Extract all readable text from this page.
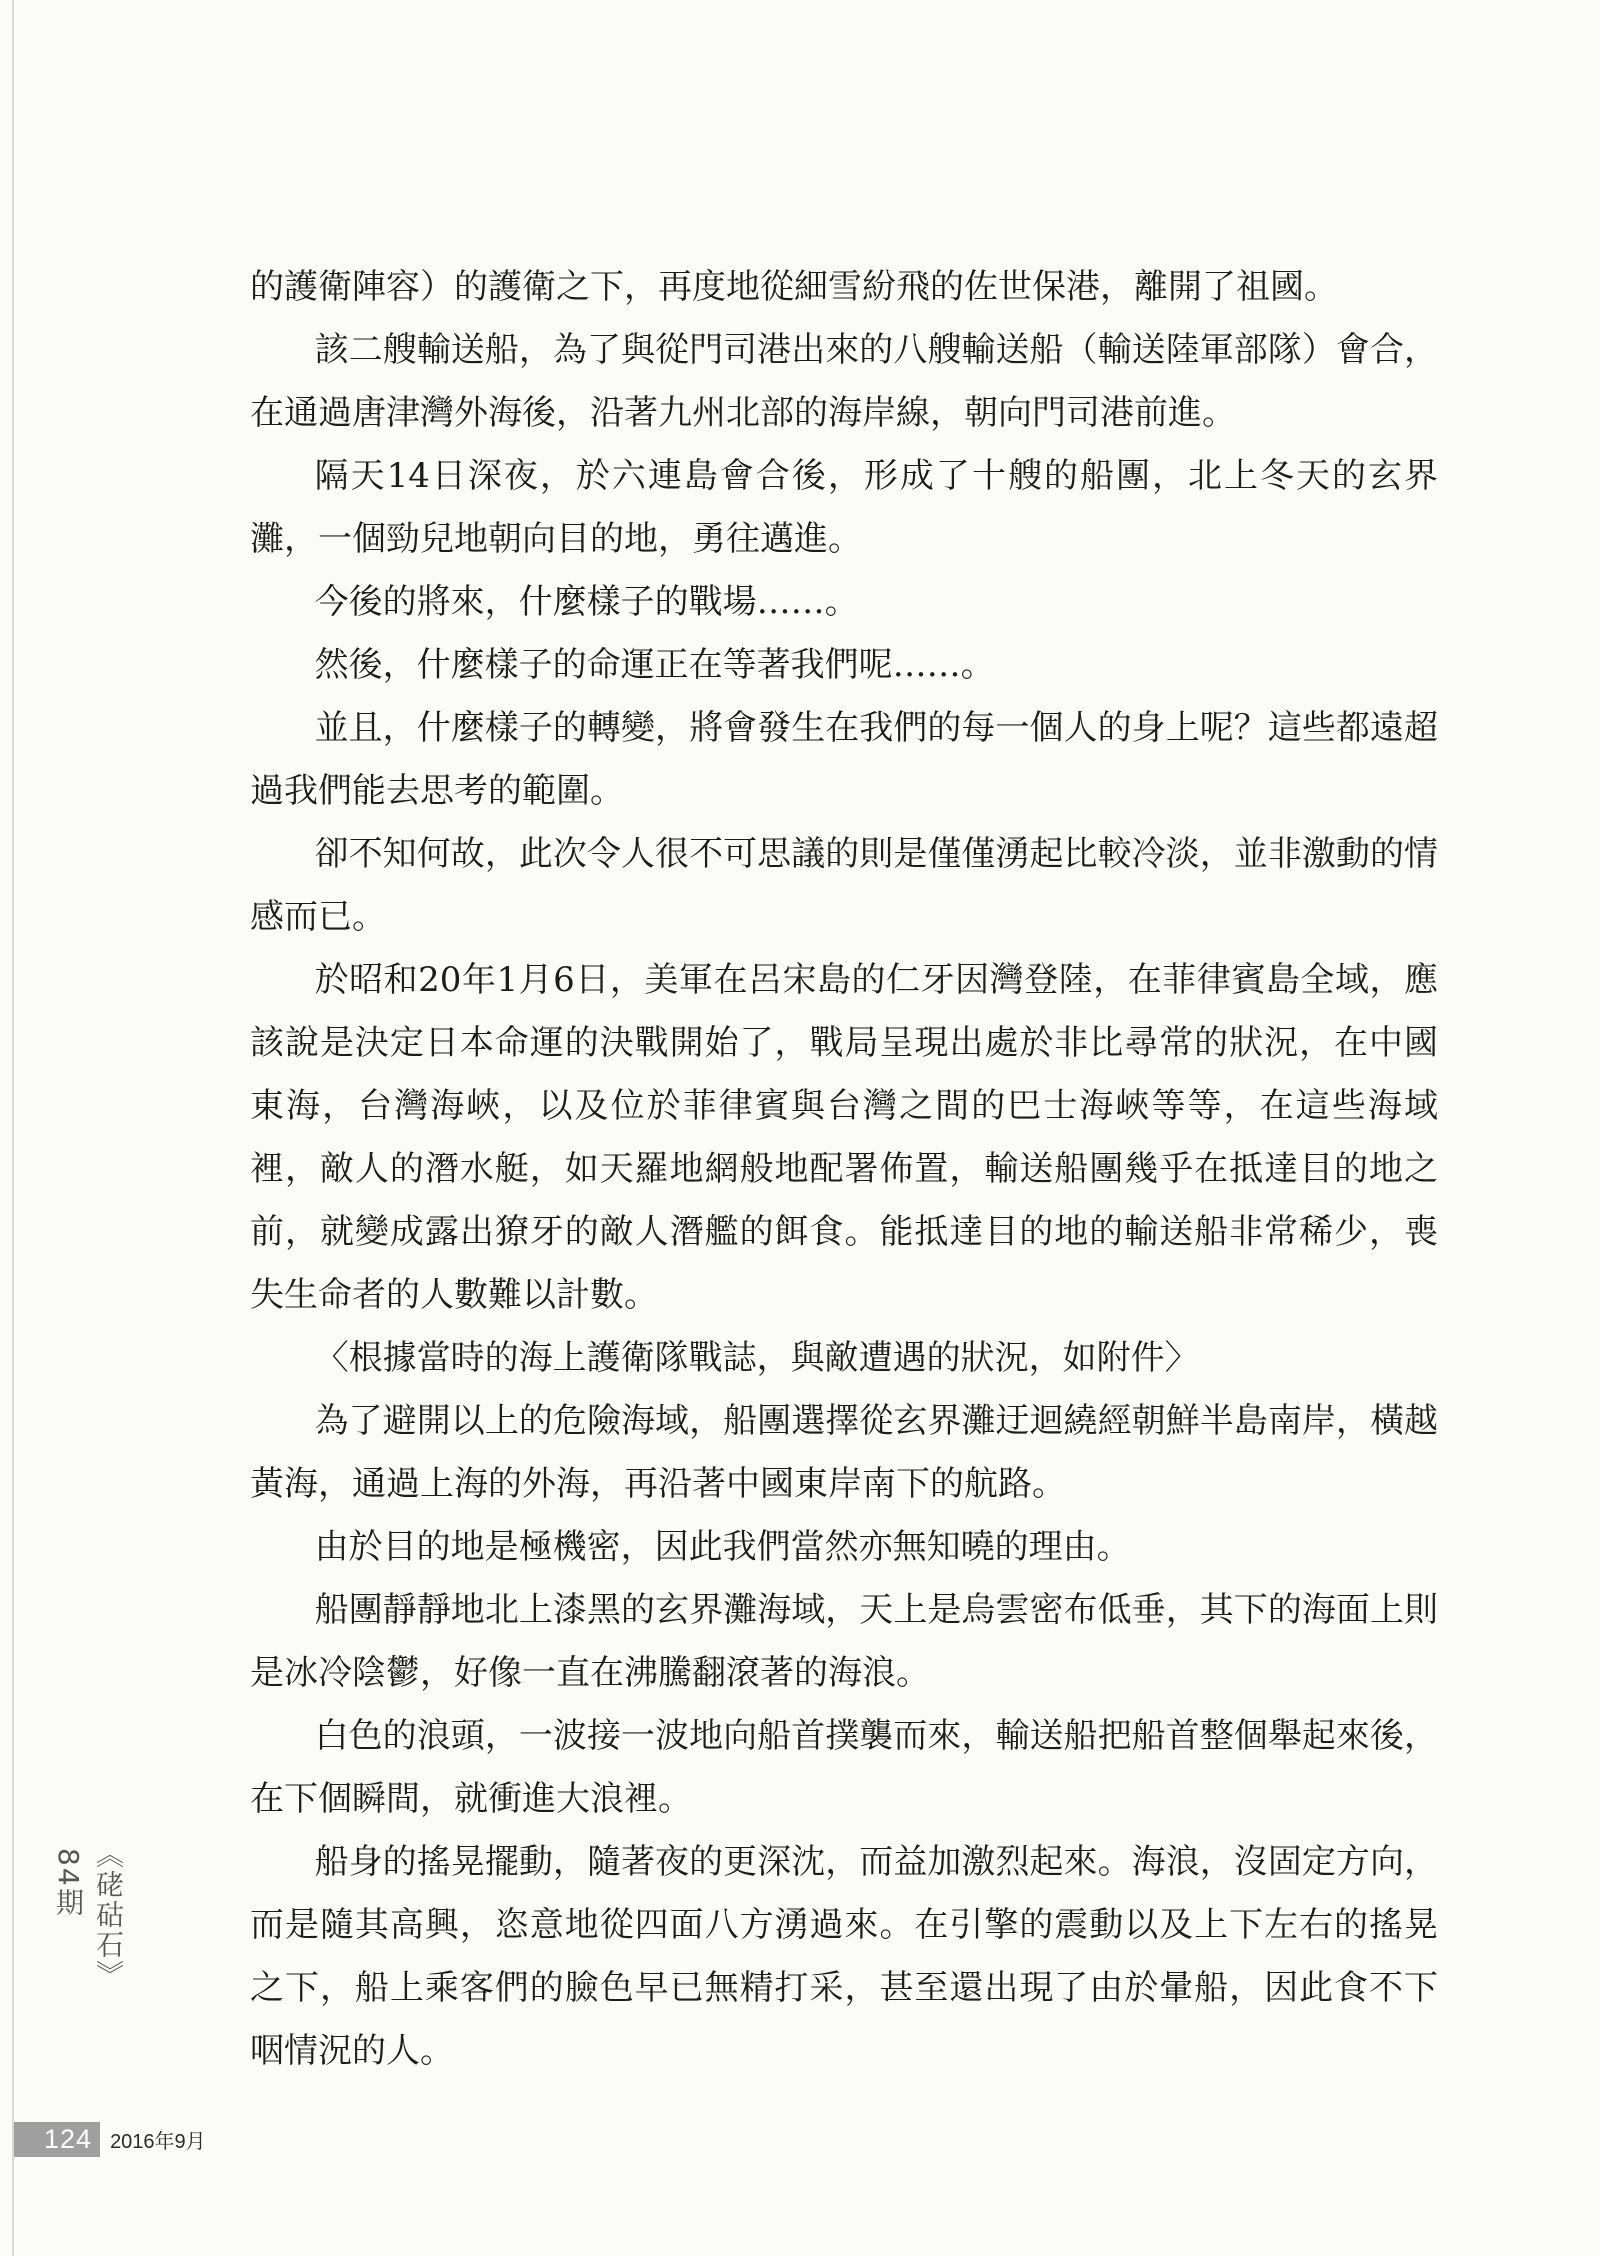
的護衛陣容）的護衛之下，再度地從細雪紛飛的佐世保港，離開了祖國。

該二艘輸送船，為了與從門司港出來的八艘輸送船（輸送陸軍部隊）會合，在通過唐津灣外海後，沿著九州北部的海岸線，朝向門司港前進。

隔天14日深夜，於六連島會合後，形成了十艘的船團，北上冬天的玄界灘，一個勁兒地朝向目的地，勇往邁進。

今後的將來，什麼樣子的戰場……。

然後，什麼樣子的命運正在等著我們呢……。

並且，什麼樣子的轉變，將會發生在我們的每一個人的身上呢？這些都遠超過我們能去思考的範圍。

卻不知何故，此次令人很不可思議的則是僅僅湧起比較冷淡，並非激動的情感而已。

於昭和20年1月6日，美軍在呂宋島的仁牙因灣登陸，在菲律賓島全域，應該說是決定日本命運的決戰開始了，戰局呈現出處於非比尋常的狀況，在中國東海，台灣海峽，以及位於菲律賓與台灣之間的巴士海峽等等，在這些海域裡，敵人的潛水艇，如天羅地網般地配署佈置，輸送船團幾乎在抵達目的地之前，就變成露出獠牙的敵人潛艦的餌食。能抵達目的地的輸送船非常稀少，喪失生命者的人數難以計數。

〈根據當時的海上護衛隊戰誌，與敵遭遇的狀況，如附件〉

為了避開以上的危險海域，船團選擇從玄界灘迂迴繞經朝鮮半島南岸，橫越黃海，通過上海的外海，再沿著中國東岸南下的航路。

由於目的地是極機密，因此我們當然亦無知曉的理由。

船團靜靜地北上漆黑的玄界灘海域，天上是烏雲密布低垂，其下的海面上則是冰冷陰鬱，好像一直在沸騰翻滾著的海浪。

白色的浪頭，一波接一波地向船首撲襲而來，輸送船把船首整個舉起來後，在下個瞬間，就衝進大浪裡。

船身的搖晃擺動，隨著夜的更深沈，而益加激烈起來。海浪，沒固定方向，而是隨其高興，恣意地從四面八方湧過來。在引擎的震動以及上下左右的搖晃之下，船上乘客們的臉色早已無精打采，甚至還出現了由於暈船，因此食不下咽情況的人。

《硓𥑮石》
84期
124 2016年9月
